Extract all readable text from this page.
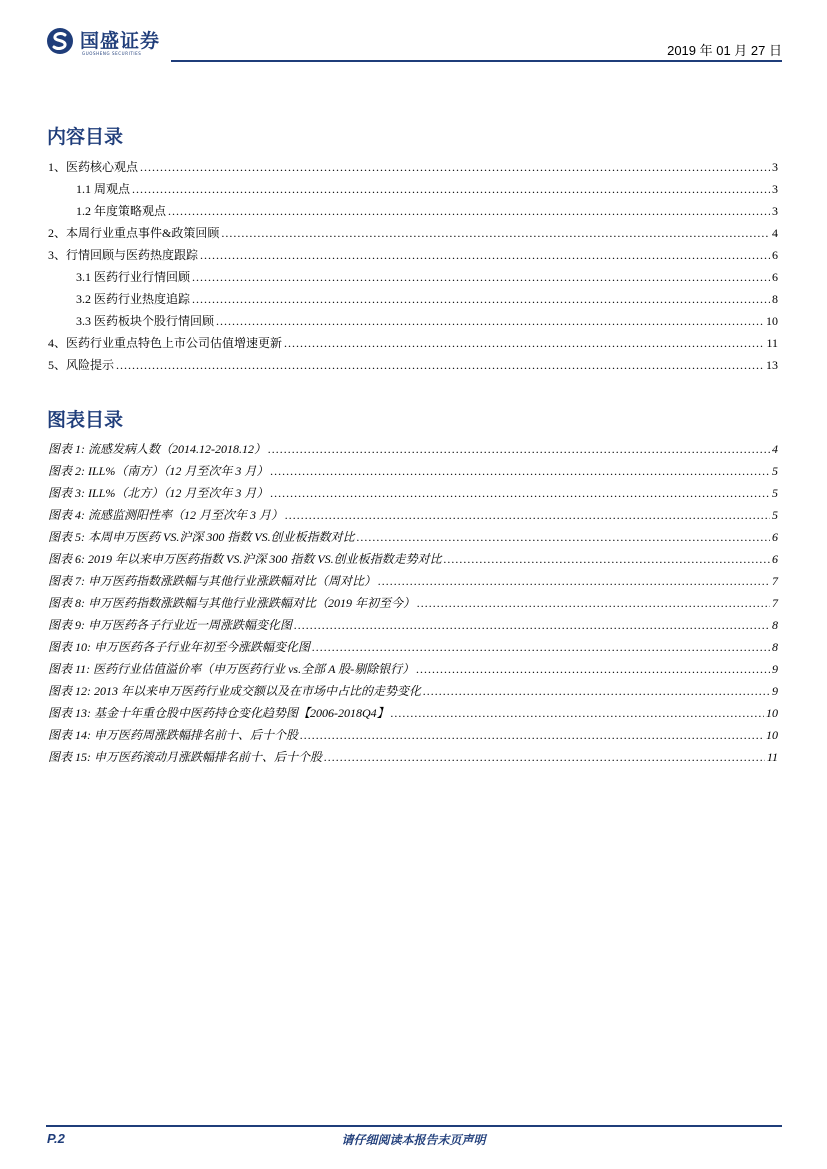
国盛证券
GUOSHENG SECURITIES	2019 年 01 月 27 日
内容目录
1、医药核心观点 .....	3
1.1 周观点 .....	3
1.2 年度策略观点 .....	3
2、本周行业重点事件&政策回顾 .....	4
3、行情回顾与医药热度跟踪 .....	6
3.1 医药行业行情回顾 .....	6
3.2 医药行业热度追踪 .....	8
3.3 医药板块个股行情回顾 .....	10
4、医药行业重点特色上市公司估值增速更新 .....	11
5、风险提示 .....	13
图表目录
图表 1: 流感发病人数（2014.12-2018.12） .....	4
图表 2: ILL%（南方）（12 月至次年 3 月） .....	5
图表 3: ILL%（北方）（12 月至次年 3 月） .....	5
图表 4: 流感监测阳性率（12 月至次年 3 月） .....	5
图表 5: 本周申万医药 VS.沪深 300 指数 VS.创业板指数对比 .....	6
图表 6: 2019 年以来申万医药指数 VS.沪深 300 指数 VS.创业板指数走势对比 .....	6
图表 7: 申万医药指数涨跌幅与其他行业涨跌幅对比（周对比） .....	7
图表 8: 申万医药指数涨跌幅与其他行业涨跌幅对比（2019 年初至今） .....	7
图表 9: 申万医药各子行业近一周涨跌幅变化图 .....	8
图表 10: 申万医药各子行业年初至今涨跌幅变化图 .....	8
图表 11: 医药行业估值溢价率（申万医药行业 vs.全部 A 股-剔除银行） .....	9
图表 12: 2013 年以来申万医药行业成交额以及在市场中占比的走势变化 .....	9
图表 13: 基金十年重仓股中医药持仓变化趋势图【2006-2018Q4】 .....	10
图表 14: 申万医药周涨跌幅排名前十、后十个股 .....	10
图表 15: 申万医药滚动月涨跌幅排名前十、后十个股 .....	11
P.2	请仔细阅读本报告末页声明
